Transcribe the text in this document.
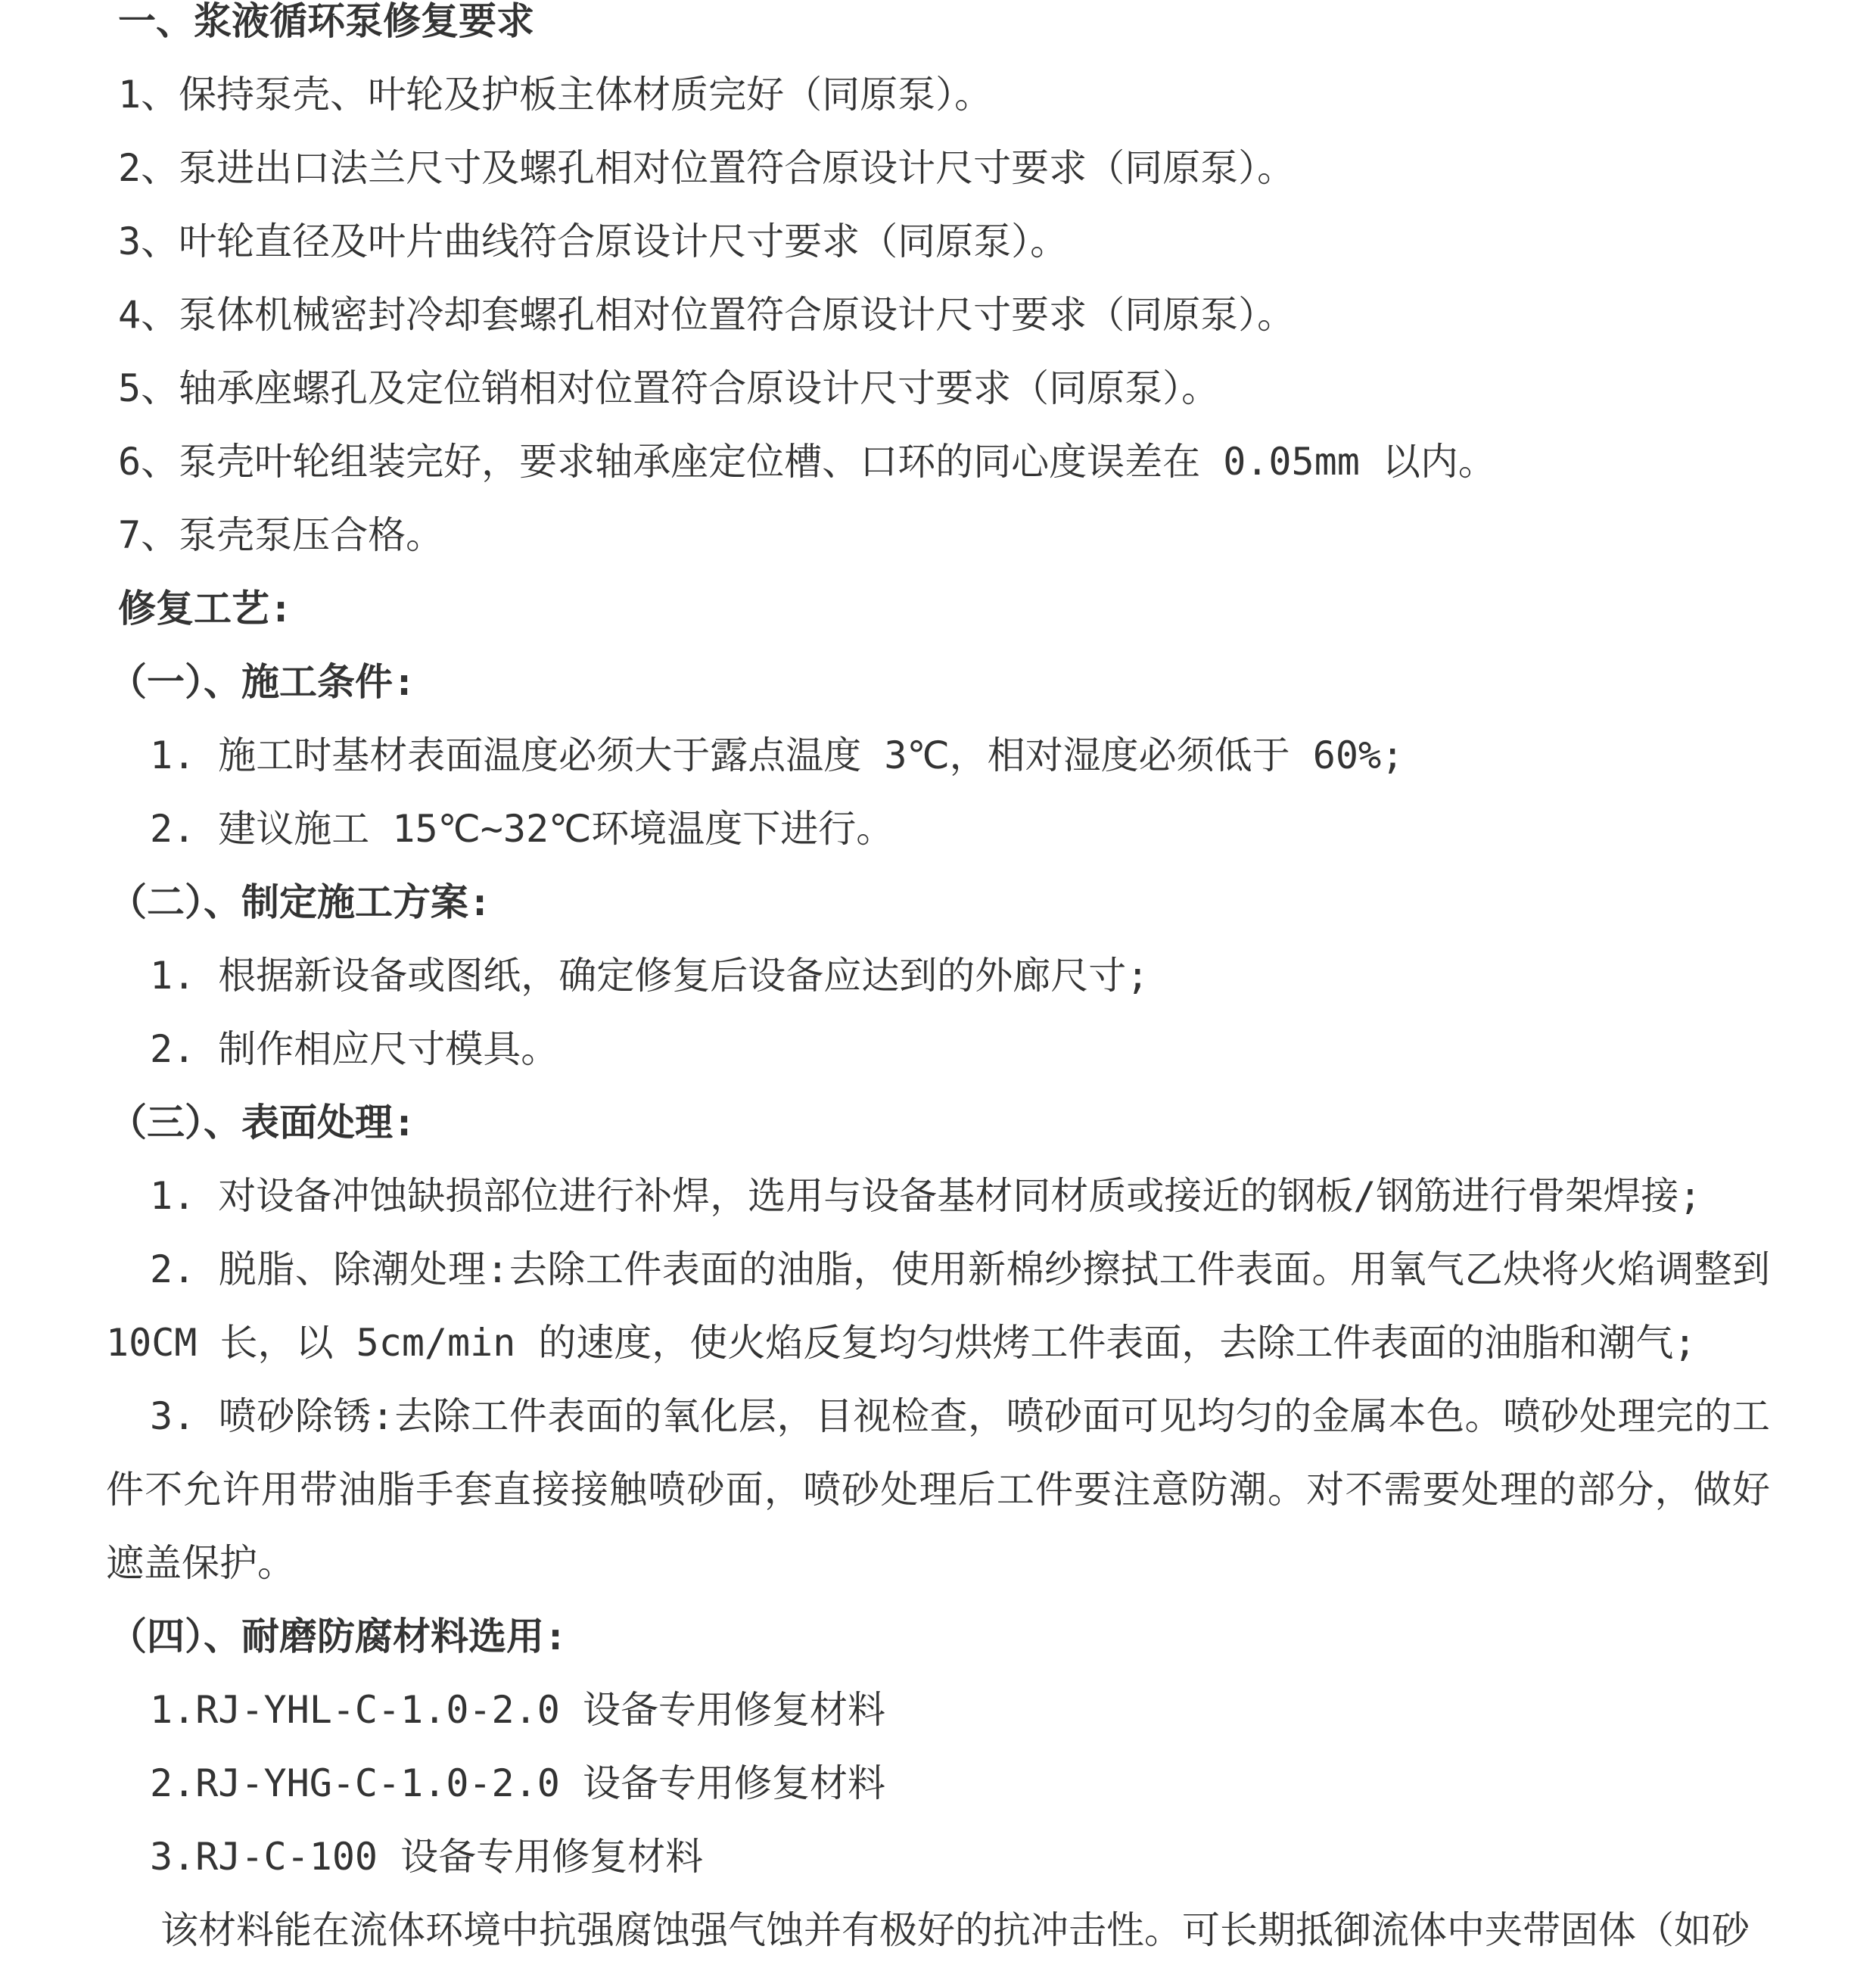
一、浆液循环泵修复要求

1、保持泵壳、叶轮及护板主体材质完好（同原泵）。

2、泵进出口法兰尺寸及螺孔相对位置符合原设计尺寸要求（同原泵）。

3、叶轮直径及叶片曲线符合原设计尺寸要求（同原泵）。

4、泵体机械密封冷却套螺孔相对位置符合原设计尺寸要求（同原泵）。

5、轴承座螺孔及定位销相对位置符合原设计尺寸要求（同原泵）。

6、泵壳叶轮组装完好，要求轴承座定位槽、口环的同心度误差在 0.05mm 以内。

7、泵壳泵压合格。

修复工艺:

（一）、施工条件:

1. 施工时基材表面温度必须大于露点温度 3℃，相对湿度必须低于 60%;

2. 建议施工 15℃~32℃环境温度下进行。

（二）、制定施工方案:

1. 根据新设备或图纸，确定修复后设备应达到的外廊尺寸;

2. 制作相应尺寸模具。

（三）、表面处理:

1. 对设备冲蚀缺损部位进行补焊，选用与设备基材同材质或接近的钢板/钢筋进行骨架焊接;

2. 脱脂、除潮处理:去除工件表面的油脂，使用新棉纱擦拭工件表面。用氧气乙炔将火焰调整到 10CM 长，以 5cm/min 的速度，使火焰反复均匀烘烤工件表面，去除工件表面的油脂和潮气;

3. 喷砂除锈:去除工件表面的氧化层，目视检查，喷砂面可见均匀的金属本色。喷砂处理完的工件不允许用带油脂手套直接接触喷砂面，喷砂处理后工件要注意防潮。对不需要处理的部分，做好遮盖保护。

（四）、耐磨防腐材料选用:

1.RJ-YHL-C-1.0-2.0 设备专用修复材料

2.RJ-YHG-C-1.0-2.0 设备专用修复材料

3.RJ-C-100 设备专用修复材料

该材料能在流体环境中抗强腐蚀强气蚀并有极好的抗冲击性。可长期抵御流体中夹带固体（如砂
